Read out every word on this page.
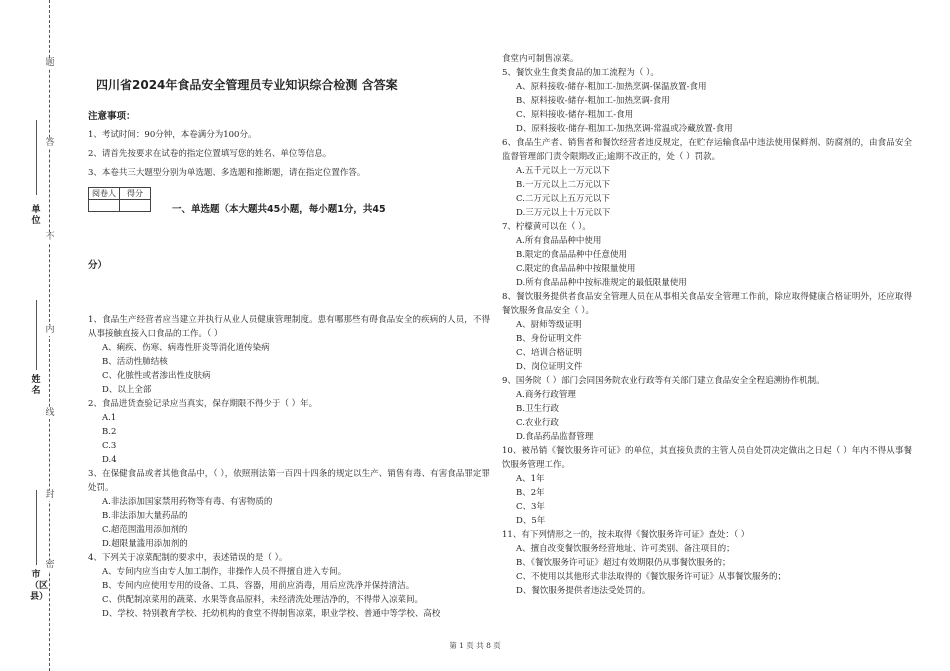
题
答
不
内
线
封
密
单位
姓名
市（区县）
四川省2024年食品安全管理员专业知识综合检测 含答案
注意事项：
1、考试时间：90分钟，本卷满分为100分。
2、请首先按要求在试卷的指定位置填写您的姓名、单位等信息。
3、本卷共三大题型分别为单选题、多选题和推断题，请在指定位置作答。
阅卷人	得分

一、单选题（本大题共45小题，每小题1分，共45
分）
1、食品生产经营者应当建立并执行从业人员健康管理制度。患有哪那些有碍食品安全的疾病的人员，不得从事接触直接入口食品的工作。（ ）
A、痢疾、伤寒、病毒性肝炎等消化道传染病
B、活动性肺结核
C、化脓性或者渗出性皮肤病
D、以上全部
2、食品进货查验记录应当真实，保存期限不得少于（ ）年。
A.1
B.2
C.3
D.4
3、在保健食品或者其他食品中，（ ），依照刑法第一百四十四条的规定以生产、销售有毒、有害食品罪定罪处罚。
A.非法添加国家禁用药物等有毒、有害物质的
B.非法添加大量药品的
C.超范围滥用添加剂的
D.超限量滥用添加剂的
4、下列关于凉菜配制的要求中，表述错误的是（ ）。
A、专间内应当由专人加工制作，非操作人员不得擅自进入专间。
B、专间内应使用专用的设备、工具、容器，用前应消毒，用后应洗净并保持清洁。
C、供配制凉菜用的蔬菜、水果等食品原料，未经清洗处理洁净的，不得带入凉菜间。
D、学校、特别教育学校、托幼机构的食堂不得制售凉菜，职业学校、普通中等学校、高校
食堂内可制售凉菜。
5、餐饮业生食类食品的加工流程为（ ）。
A、原料接收-储存-粗加工-加热烹调-保温放置-食用
B、原料接收-储存-粗加工-加热烹调-食用
C、原料接收-储存-粗加工-食用
D、原料接收-储存-粗加工-加热烹调-常温或冷藏放置-食用
6、食品生产者、销售者和餐饮经营者违反规定，在贮存运输食品中违法使用保鲜剂、防腐剂的，由食品安全监督管理部门责令限期改正;逾期不改正的，处（ ）罚款。
A.五千元以上一万元以下
B.一万元以上二万元以下
C.二万元以上五万元以下
D.三万元以上十万元以下
7、柠檬黄可以在（ ）。
A.所有食品品种中使用
B.限定的食品品种中任意使用
C.限定的食品品种中按限量使用
D.所有食品品种中按标准规定的最低限量使用
8、餐饮服务提供者食品安全管理人员在从事相关食品安全管理工作前，除应取得健康合格证明外，还应取得餐饮服务食品安全（ ）。
A、厨师等级证明
B、身份证明文件
C、培训合格证明
D、岗位证明文件
9、国务院（ ）部门会同国务院农业行政等有关部门建立食品安全全程追溯协作机制。
A.商务行政管理
B.卫生行政
C.农业行政
D.食品药品监督管理
10、被吊销《餐饮服务许可证》的单位，其直接负责的主管人员自处罚决定做出之日起（ ）年内不得从事餐饮服务管理工作。
A、1年
B、2年
C、3年
D、5年
11、有下列情形之一的，按未取得《餐饮服务许可证》查处：（ ）
A、擅自改变餐饮服务经营地址、许可类别、备注项目的；
B、《餐饮服务许可证》超过有效期限仍从事餐饮服务的；
C、不使用以其他形式非法取得的《餐饮服务许可证》从事餐饮服务的；
D、餐饮服务提供者违法受处罚的。
第 1 页 共 8 页
